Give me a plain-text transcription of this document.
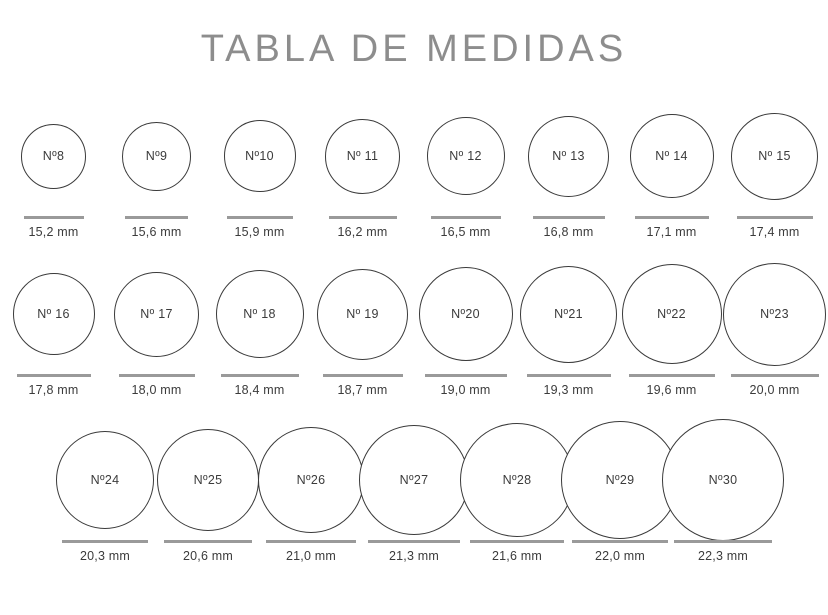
TABLA DE MEDIDAS
Nº8
15,2 mm
Nº9
15,6 mm
Nº10
15,9 mm
Nº 11
16,2 mm
Nº 12
16,5 mm
Nº 13
16,8 mm
Nº 14
17,1 mm
Nº 15
17,4 mm
Nº 16
17,8 mm
Nº 17
18,0 mm
Nº 18
18,4 mm
Nº 19
18,7 mm
Nº20
19,0 mm
Nº21
19,3 mm
Nº22
19,6 mm
Nº23
20,0 mm
Nº24
20,3 mm
Nº25
20,6 mm
Nº26
21,0 mm
Nº27
21,3 mm
Nº28
21,6 mm
Nº29
22,0 mm
Nº30
22,3 mm
